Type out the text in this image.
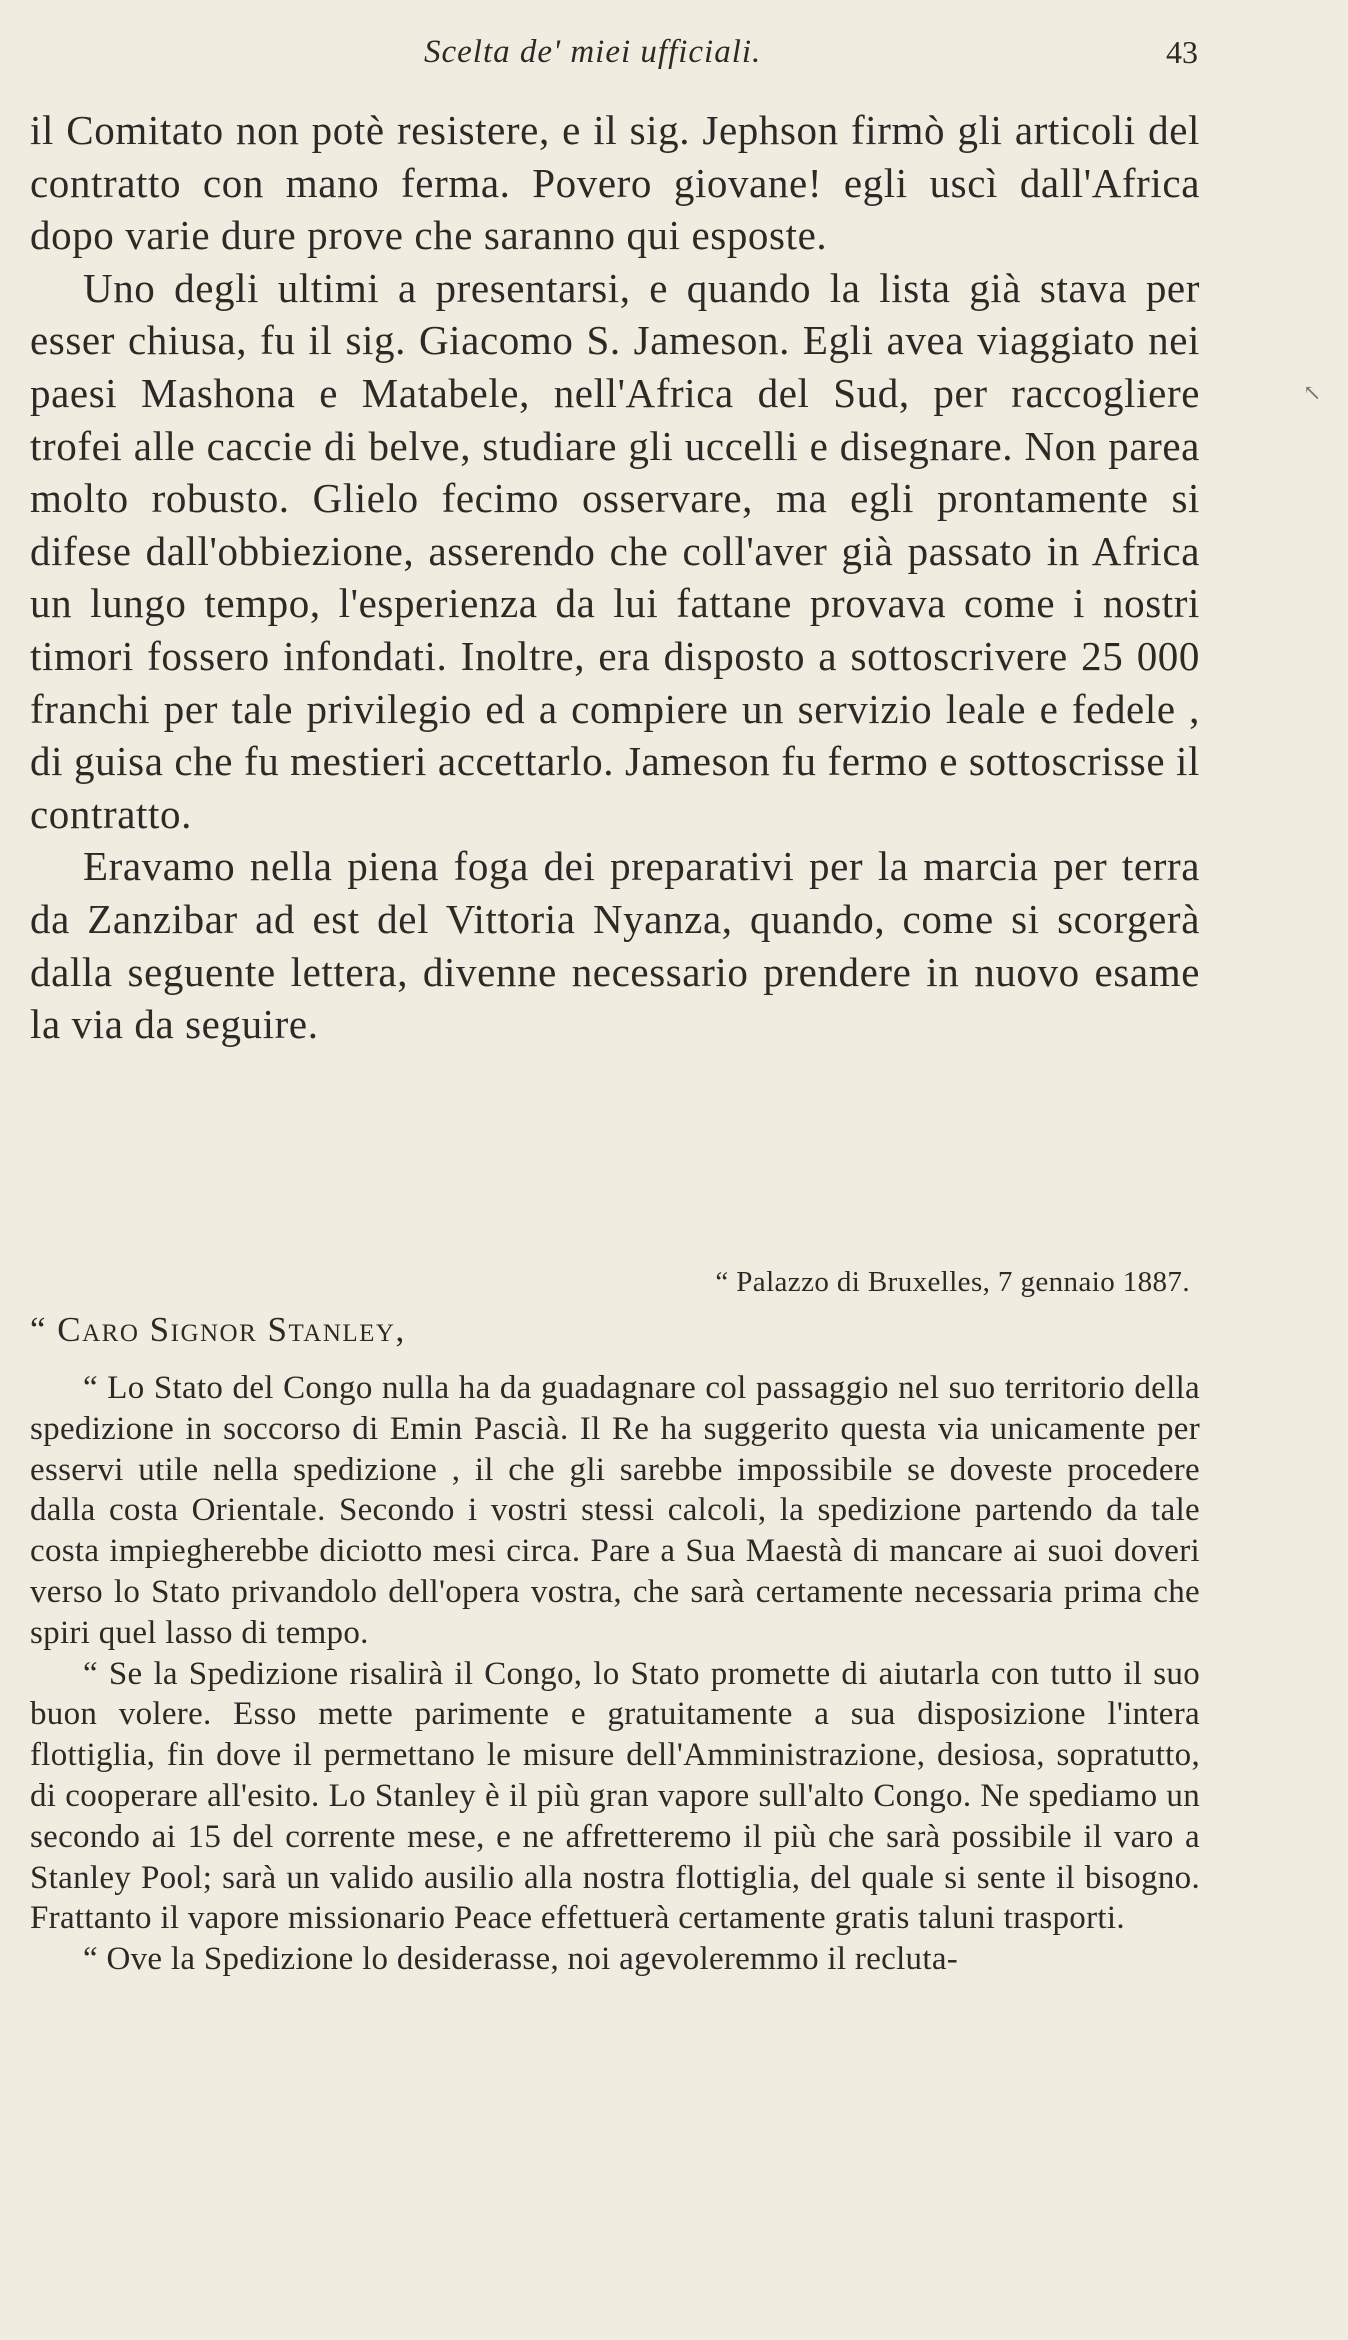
Scelta de' miei ufficiali.	43
↖

il Comitato non potè resistere, e il sig. Jephson firmò gli articoli del contratto con mano ferma. Povero giovane! egli uscì dall'Africa dopo varie dure prove che saranno qui esposte.

Uno degli ultimi a presentarsi, e quando la lista già stava per esser chiusa, fu il sig. Giacomo S. Jameson. Egli avea viaggiato nei paesi Mashona e Matabele, nell'Africa del Sud, per raccogliere trofei alle caccie di belve, studiare gli uccelli e disegnare. Non parea molto robusto. Glielo fecimo osservare, ma egli prontamente si difese dall'obbiezione, asserendo che coll'aver già passato in Africa un lungo tempo, l'esperienza da lui fattane provava come i nostri timori fossero infondati. Inoltre, era disposto a sottoscrivere 25 000 franchi per tale privilegio ed a compiere un servizio leale e fedele , di guisa che fu mestieri accettarlo. Jameson fu fermo e sottoscrisse il contratto.

Eravamo nella piena foga dei preparativi per la marcia per terra da Zanzibar ad est del Vittoria Nyanza, quando, come si scorgerà dalla seguente lettera, divenne necessario prendere in nuovo esame la via da seguire.

“ Palazzo di Bruxelles, 7 gennaio 1887.
“ Caro Signor Stanley,

“ Lo Stato del Congo nulla ha da guadagnare col passaggio nel suo territorio della spedizione in soccorso di Emin Pascià. Il Re ha suggerito questa via unicamente per esservi utile nella spedizione , il che gli sarebbe impossibile se doveste procedere dalla costa Orientale. Secondo i vostri stessi calcoli, la spedizione partendo da tale costa impiegherebbe diciotto mesi circa. Pare a Sua Maestà di mancare ai suoi doveri verso lo Stato privandolo dell'opera vostra, che sarà certamente necessaria prima che spiri quel lasso di tempo.

“ Se la Spedizione risalirà il Congo, lo Stato promette di aiutarla con tutto il suo buon volere. Esso mette parimente e gratuitamente a sua disposizione l'intera flottiglia, fin dove il permettano le misure dell'Amministrazione, desiosa, sopratutto, di cooperare all'esito. Lo Stanley è il più gran vapore sull'alto Congo. Ne spediamo un secondo ai 15 del corrente mese, e ne affretteremo il più che sarà possibile il varo a Stanley Pool; sarà un valido ausilio alla nostra flottiglia, del quale si sente il bisogno. Frattanto il vapore missionario Peace effettuerà certamente gratis taluni trasporti.

“ Ove la Spedizione lo desiderasse, noi agevoleremmo il recluta-
